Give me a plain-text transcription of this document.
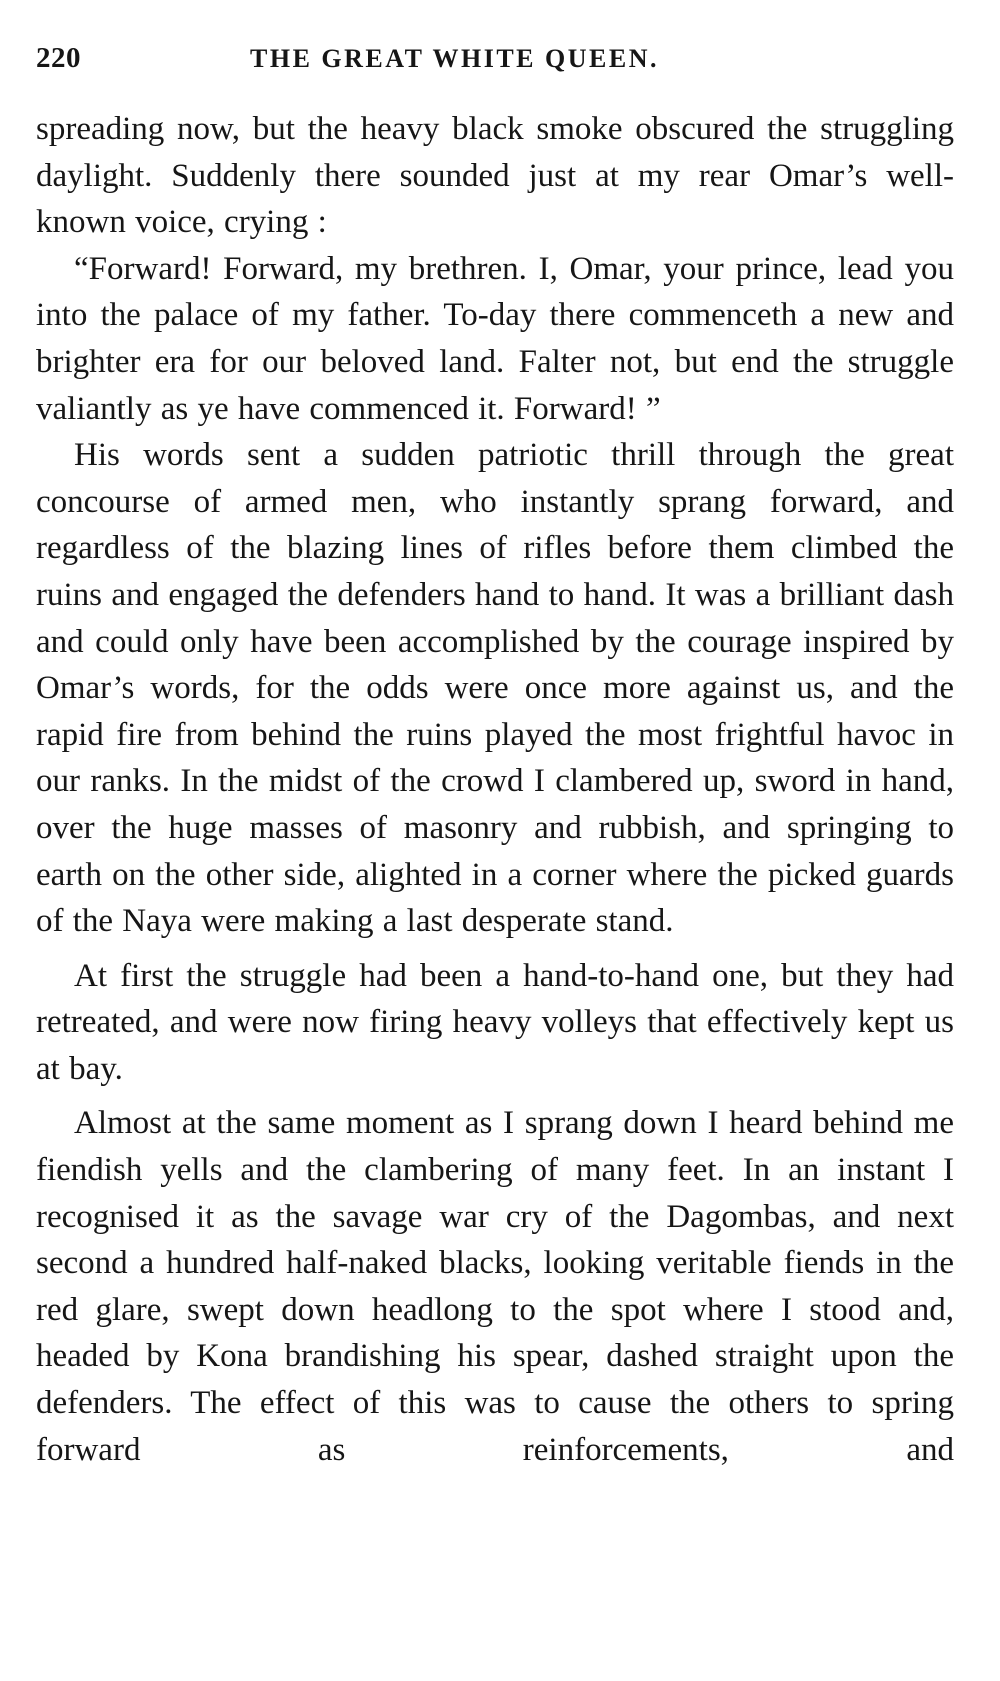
220	THE GREAT WHITE QUEEN.

spreading now, but the heavy black smoke obscured the struggling daylight. Suddenly there sounded just at my rear Omar’s well-known voice, crying :

“Forward! Forward, my brethren. I, Omar, your prince, lead you into the palace of my father. To-day there commenceth a new and brighter era for our beloved land. Falter not, but end the struggle valiantly as ye have commenced it. Forward! ”

His words sent a sudden patriotic thrill through the great concourse of armed men, who instantly sprang forward, and regardless of the blazing lines of rifles before them climbed the ruins and engaged the defenders hand to hand. It was a brilliant dash and could only have been accomplished by the courage inspired by Omar’s words, for the odds were once more against us, and the rapid fire from behind the ruins played the most frightful havoc in our ranks. In the midst of the crowd I clambered up, sword in hand, over the huge masses of masonry and rubbish, and springing to earth on the other side, alighted in a corner where the picked guards of the Naya were making a last desperate stand.

At first the struggle had been a hand-to-hand one, but they had retreated, and were now firing heavy volleys that effectively kept us at bay.

Almost at the same moment as I sprang down I heard behind me fiendish yells and the clambering of many feet. In an instant I recognised it as the savage war cry of the Dagombas, and next second a hundred half-naked blacks, looking veritable fiends in the red glare, swept down headlong to the spot where I stood and, headed by Kona brandishing his spear, dashed straight upon the defenders. The effect of this was to cause the others to spring forward as reinforcements, and
